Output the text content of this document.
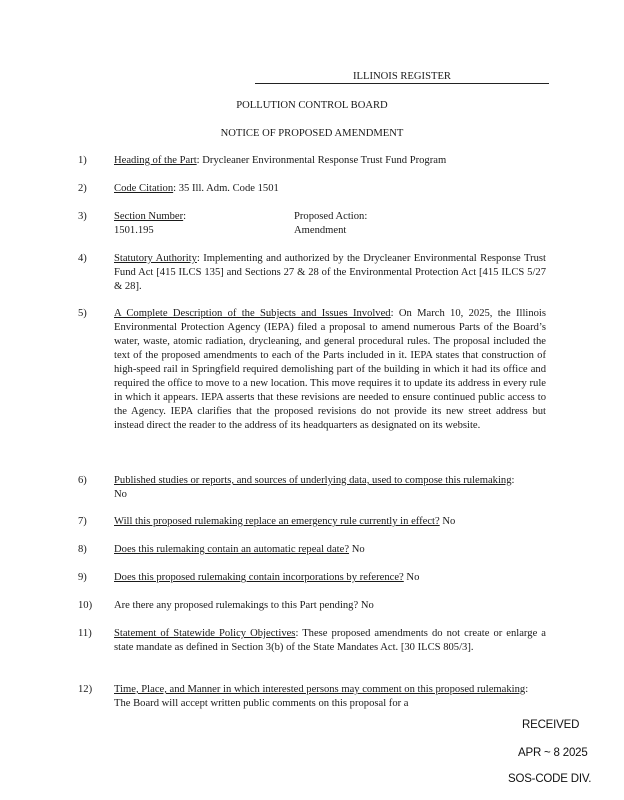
ILLINOIS REGISTER
POLLUTION CONTROL BOARD
NOTICE OF PROPOSED AMENDMENT
1)	Heading of the Part: Drycleaner Environmental Response Trust Fund Program
2)	Code Citation: 35 Ill. Adm. Code 1501
3)	Section Number:
1501.195
Proposed Action:
Amendment
4)	Statutory Authority: Implementing and authorized by the Drycleaner Environmental Response Trust Fund Act [415 ILCS 135] and Sections 27 & 28 of the Environmental Protection Act [415 ILCS 5/27 & 28].
5)	A Complete Description of the Subjects and Issues Involved: On March 10, 2025, the Illinois Environmental Protection Agency (IEPA) filed a proposal to amend numerous Parts of the Board’s water, waste, atomic radiation, drycleaning, and general procedural rules. The proposal included the text of the proposed amendments to each of the Parts included in it. IEPA states that construction of high-speed rail in Springfield required demolishing part of the building in which it had its office and required the office to move to a new location. This move requires it to update its address in every rule in which it appears. IEPA asserts that these revisions are needed to ensure continued public access to the Agency. IEPA clarifies that the proposed revisions do not provide its new street address but instead direct the reader to the address of its headquarters as designated on its website.
6)	Published studies or reports, and sources of underlying data, used to compose this rulemaking: No
7)	Will this proposed rulemaking replace an emergency rule currently in effect? No
8)	Does this rulemaking contain an automatic repeal date? No
9)	Does this proposed rulemaking contain incorporations by reference? No
10)	Are there any proposed rulemakings to this Part pending? No
11)	Statement of Statewide Policy Objectives: These proposed amendments do not create or enlarge a state mandate as defined in Section 3(b) of the State Mandates Act. [30 ILCS 805/3].
12)	Time, Place, and Manner in which interested persons may comment on this proposed rulemaking: The Board will accept written public comments on this proposal for a
RECEIVED
APR ~ 8 2025
SOS-CODE DIV.
